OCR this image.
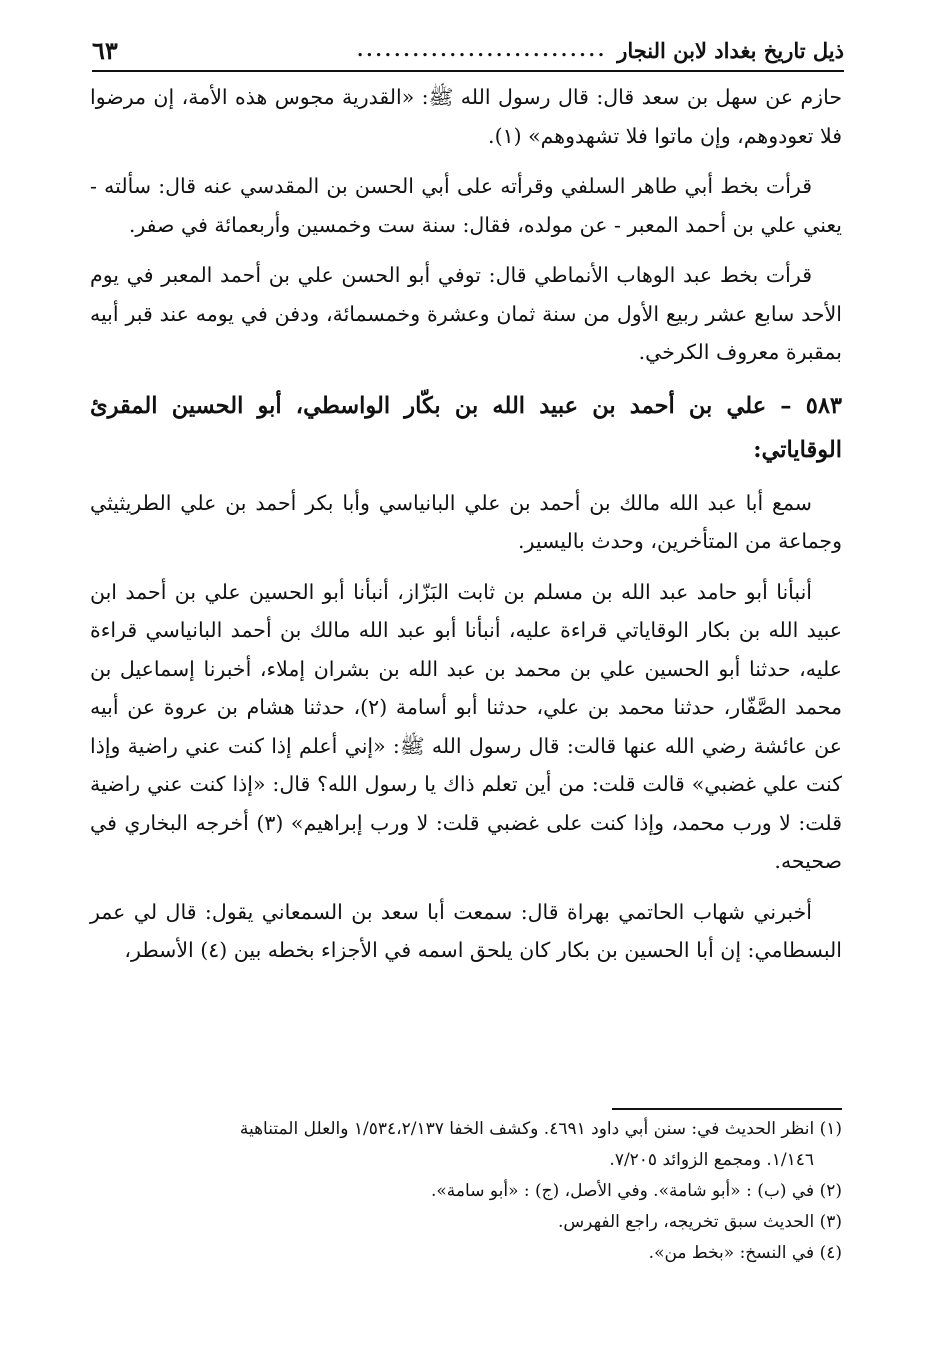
ذيل تاريخ بغداد لابن النجار
...........................
٦٣

حازم عن سهل بن سعد قال: قال رسول الله ﷺ: «القدرية مجوس هذه الأمة، إن مرضوا فلا تعودوهم، وإن ماتوا فلا تشهدوهم» (١).

قرأت بخط أبي طاهر السلفي وقرأته على أبي الحسن بن المقدسي عنه قال: سألته - يعني علي بن أحمد المعبر - عن مولده، فقال: سنة ست وخمسين وأربعمائة في صفر.

قرأت بخط عبد الوهاب الأنماطي قال: توفي أبو الحسن علي بن أحمد المعبر في يوم الأحد سابع عشر ربيع الأول من سنة ثمان وعشرة وخمسمائة، ودفن في يومه عند قبر أبيه بمقبرة معروف الكرخي.

٥٨٣ – علي بن أحمد بن عبيد الله بن بكّار الواسطي، أبو الحسين المقرئ الوقاياتي:

سمع أبا عبد الله مالك بن أحمد بن علي البانياسي وأبا بكر أحمد بن علي الطريثيثي وجماعة من المتأخرين، وحدث باليسير.

أنبأنا أبو حامد عبد الله بن مسلم بن ثابت البَزّاز، أنبأنا أبو الحسين علي بن أحمد ابن عبيد الله بن بكار الوقاياتي قراءة عليه، أنبأنا أبو عبد الله مالك بن أحمد البانياسي قراءة عليه، حدثنا أبو الحسين علي بن محمد بن عبد الله بن بشران إملاء، أخبرنا إسماعيل بن محمد الصَّفّار، حدثنا محمد بن علي، حدثنا أبو أسامة (٢)، حدثنا هشام بن عروة عن أبيه عن عائشة رضي الله عنها قالت: قال رسول الله ﷺ: «إني أعلم إذا كنت عني راضية وإذا كنت علي غضبي» قالت قلت: من أين تعلم ذاك يا رسول الله؟ قال: «إذا كنت عني راضية قلت: لا ورب محمد، وإذا كنت على غضبي قلت: لا ورب إبراهيم» (٣) أخرجه البخاري في صحيحه.

أخبرني شهاب الحاتمي بهراة قال: سمعت أبا سعد بن السمعاني يقول: قال لي عمر البسطامي: إن أبا الحسين بن بكار كان يلحق اسمه في الأجزاء بخطه بين (٤) الأسطر،

(١) انظر الحديث في: سنن أبي داود ٤٦٩١. وكشف الخفا ١/٥٣٤،٢/١٣٧ والعلل المتناهية
١/١٤٦. ومجمع الزوائد ٧/٢٠٥.
(٢) في (ب) : «أبو شامة». وفي الأصل، (ج) : «أبو سامة».
(٣) الحديث سبق تخريجه، راجع الفهرس.
(٤) في النسخ: «بخط من».
